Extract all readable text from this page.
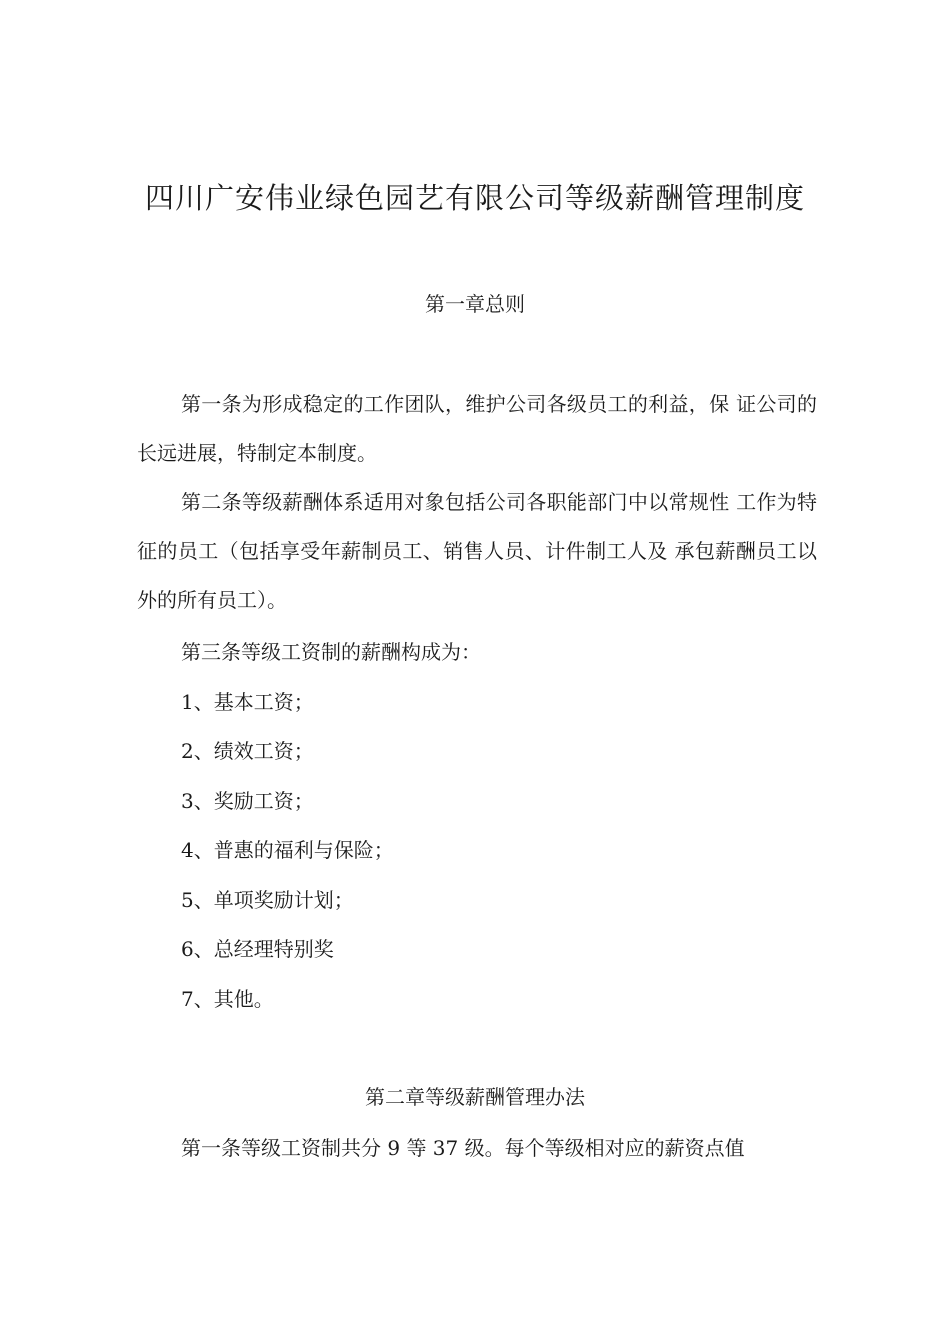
四川广安伟业绿色园艺有限公司等级薪酬管理制度
第一章总则

第一条为形成稳定的工作团队，维护公司各级员工的利益，保 证公司的长远进展，特制定本制度。

第二条等级薪酬体系适用对象包括公司各职能部门中以常规性 工作为特征的员工（包括享受年薪制员工、销售人员、计件制工人及 承包薪酬员工以外的所有员工）。

第三条等级工资制的薪酬构成为：
1、基本工资；
2、绩效工资；
3、奖励工资；
4、普惠的福利与保险；
5、单项奖励计划；
6、总经理特别奖
7、其他。
第二章等级薪酬管理办法
第一条等级工资制共分 9 等 37 级。每个等级相对应的薪资点值
